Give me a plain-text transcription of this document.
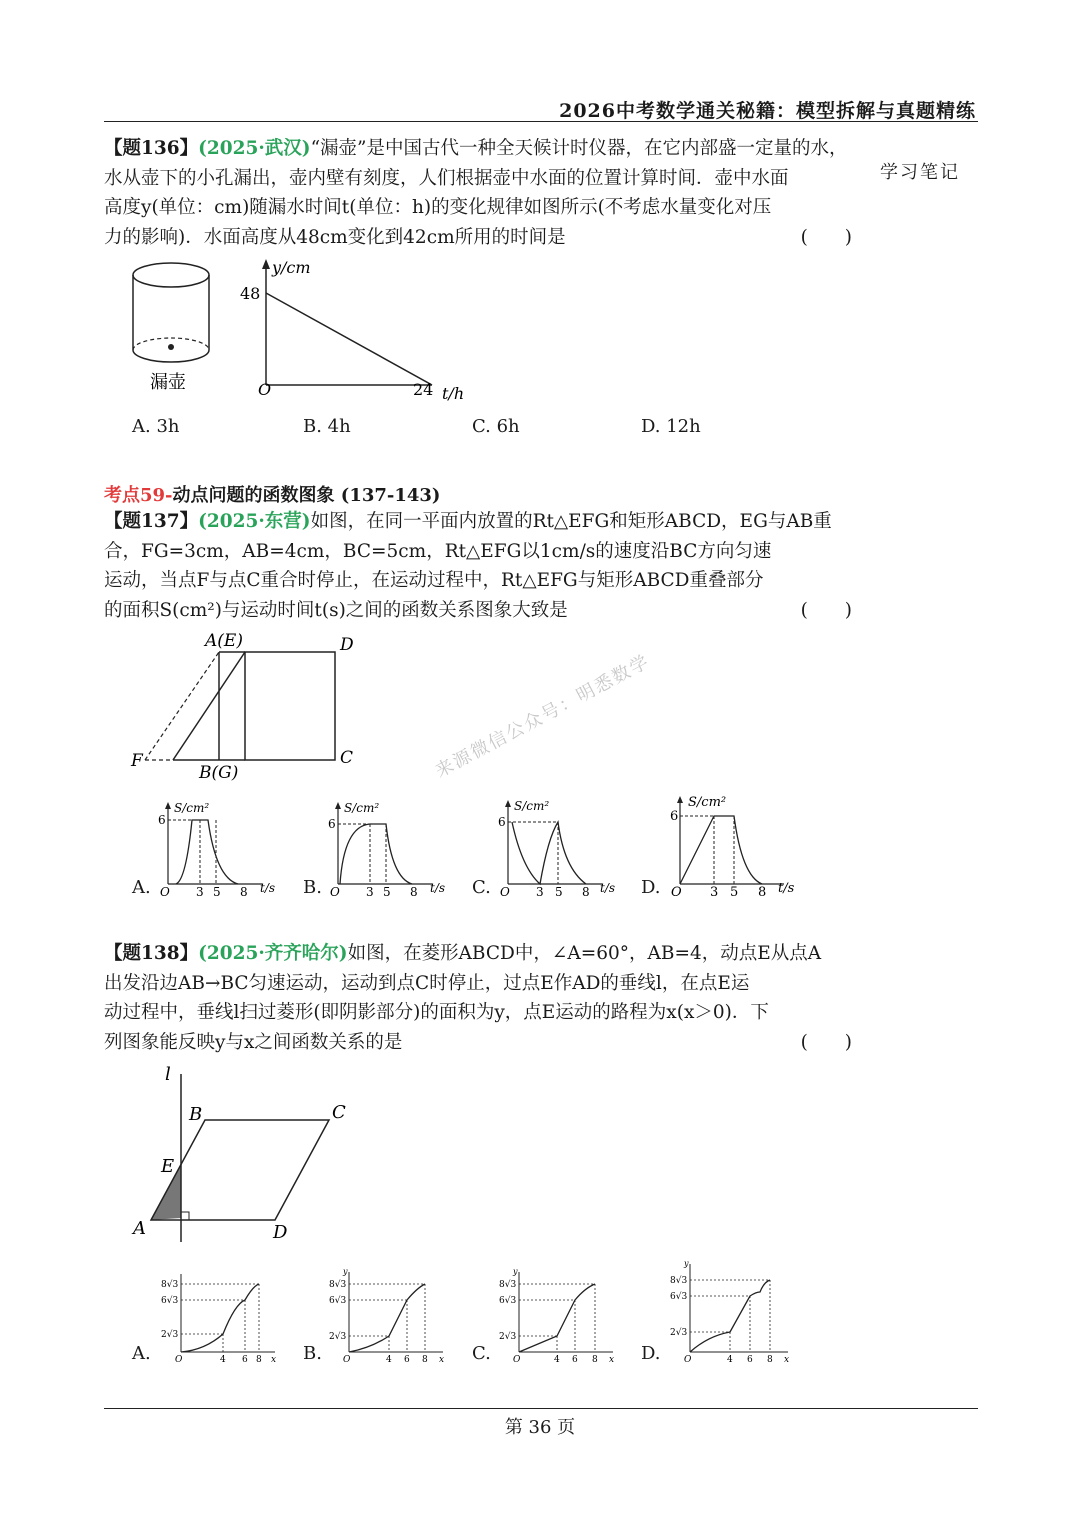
2026中考数学通关秘籍：模型拆解与真题精练
学习笔记
【题136】(2025·武汉)“漏壶”是中国古代一种全天候计时仪器，在它内部盛一定量的水，
水从壶下的小孔漏出，壶内壁有刻度，人们根据壶中水面的位置计算时间．壶中水面
高度y(单位：cm)随漏水时间t(单位：h)的变化规律如图所示(不考虑水量变化对压
力的影响)．水面高度从48cm变化到42cm所用的时间是	(　　)
漏壶
y/cm
48
O	24 t/h
A. 3h	B. 4h	C. 6h	D. 12h
考点59-动点问题的函数图象 (137-143)
【题137】(2025·东营)如图，在同一平面内放置的Rt△EFG和矩形ABCD，EG与AB重
合，FG=3cm，AB=4cm，BC=5cm，Rt△EFG以1cm/s的速度沿BC方向匀速
运动，当点F与点C重合时停止，在运动过程中，Rt△EFG与矩形ABCD重叠部分
的面积S(cm²)与运动时间t(s)之间的函数关系图象大致是	(　　)
A(E)	D
F
B(G)
C	来源微信公众号：明悉数学
A.	B.	C.	D.
S/cm²
6
O 3 5 8 t/s
S/cm²
6
O 3 5 8 t/s
S/cm²
6
O 3 5 8 t/s
S/cm²
6
O 3 5 8 t/s
【题138】(2025·齐齐哈尔)如图，在菱形ABCD中，∠A=60°，AB=4，动点E从点A
出发沿边AB→BC匀速运动，运动到点C时停止，过点E作AD的垂线l，在点E运
动过程中，垂线l扫过菱形(即阴影部分)的面积为y，点E运动的路程为x(x＞0)．下
列图象能反映y与x之间函数关系的是	(　　)
l
B	C
E
A	D
A.	B.	C.	D.
8√3
6√3
2√3
O	4 6 8 x
y
8√3
6√3
2√3
O	4 6 8 x
y
8√3
6√3
2√3
O	4 6 8 x
y
8√3
6√3
2√3
O	4 6 8 x
第 36 页
